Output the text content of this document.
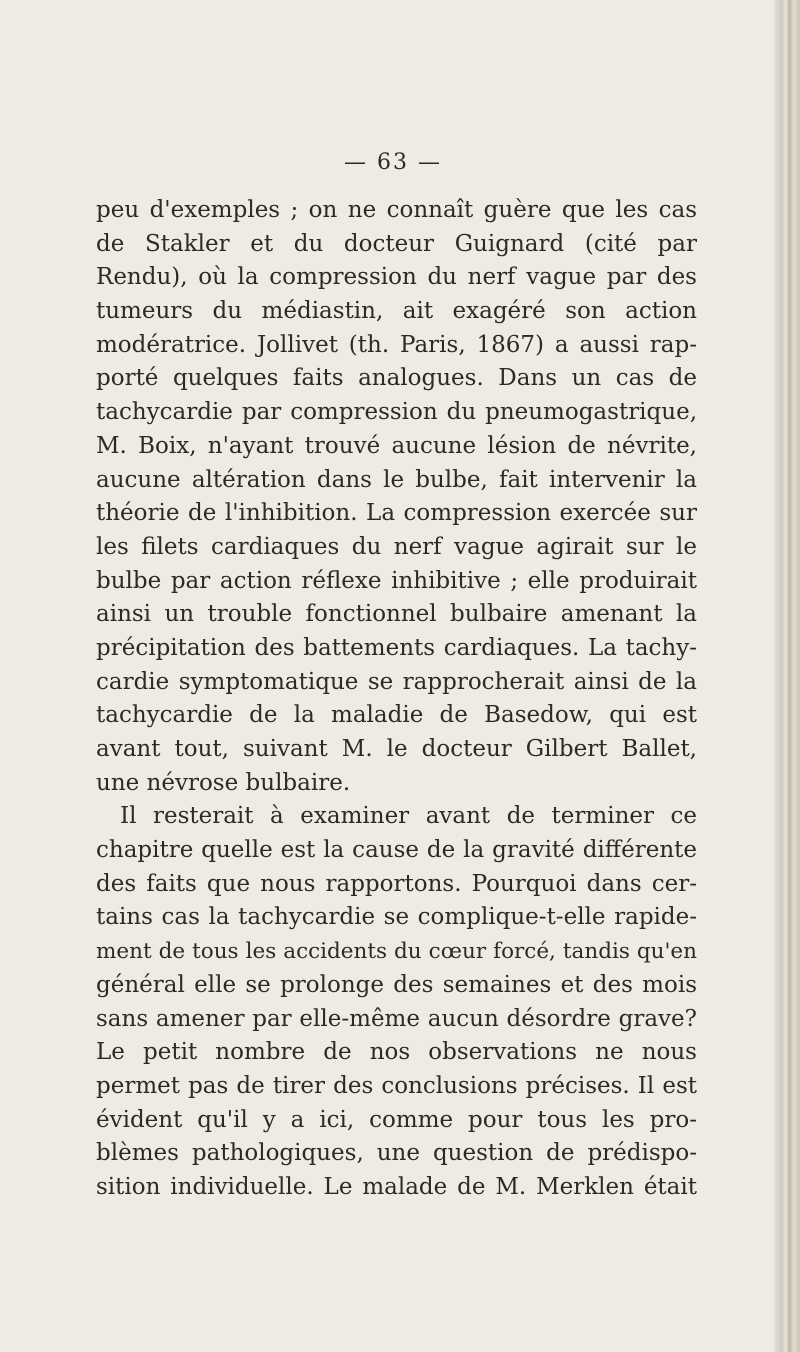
— 63 —
peu d'exemples ; on ne connaît guère que les cas
de Stakler et du docteur Guignard (cité par
Rendu), où la compression du nerf vague par des
tumeurs du médiastin, ait exagéré son action
modératrice. Jollivet (th. Paris, 1867) a aussi rap-
porté quelques faits analogues. Dans un cas de
tachycardie par compression du pneumogastrique,
M. Boix, n'ayant trouvé aucune lésion de névrite,
aucune altération dans le bulbe, fait intervenir la
théorie de l'inhibition. La compression exercée sur
les filets cardiaques du nerf vague agirait sur le
bulbe par action réflexe inhibitive ; elle produirait
ainsi un trouble fonctionnel bulbaire amenant la
précipitation des battements cardiaques. La tachy-
cardie symptomatique se rapprocherait ainsi de la
tachycardie de la maladie de Basedow, qui est
avant tout, suivant M. le docteur Gilbert Ballet,
une névrose bulbaire.
Il resterait à examiner avant de terminer ce
chapitre quelle est la cause de la gravité différente
des faits que nous rapportons. Pourquoi dans cer-
tains cas la tachycardie se complique-t-elle rapide-
ment de tous les accidents du cœur forcé, tandis qu'en
général elle se prolonge des semaines et des mois
sans amener par elle-même aucun désordre grave?
Le petit nombre de nos observations ne nous
permet pas de tirer des conclusions précises. Il est
évident qu'il y a ici, comme pour tous les pro-
blèmes pathologiques, une question de prédispo-
sition individuelle. Le malade de M. Merklen était
